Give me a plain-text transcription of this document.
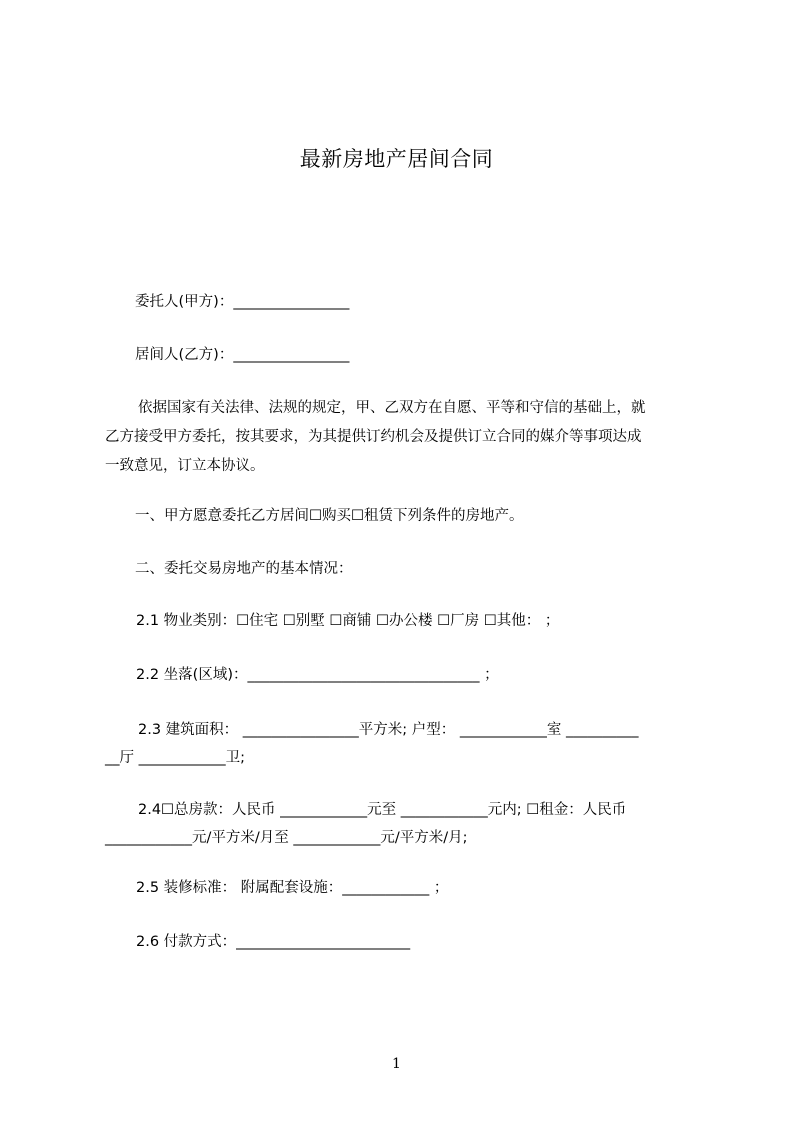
最新房地产居间合同
委托人(甲方)：________________
居间人(乙方)：________________
依据国家有关法律、法规的规定，甲、乙双方在自愿、平等和守信的基础上，就
乙方接受甲方委托，按其要求，为其提供订约机会及提供订立合同的媒介等事项达成
一致意见，订立本协议。
一、甲方愿意委托乙方居间☐购买☐租赁下列条件的房地产。
二、委托交易房地产的基本情况：
2.1 物业类别：☐住宅 ☐别墅 ☐商铺 ☐办公楼 ☐厂房 ☐其他： ；
2.2 坐落(区域)：________________________________ ；
2.3 建筑面积： ________________平方米; 户型： ____________室 __________
__厅 ____________卫;
2.4☐总房款：人民币 ____________元至 ____________元内; ☐租金：人民币
____________元/平方米/月至 ____________元/平方米/月;
2.5 装修标准： 附属配套设施：____________ ；
2.6 付款方式：________________________
1
